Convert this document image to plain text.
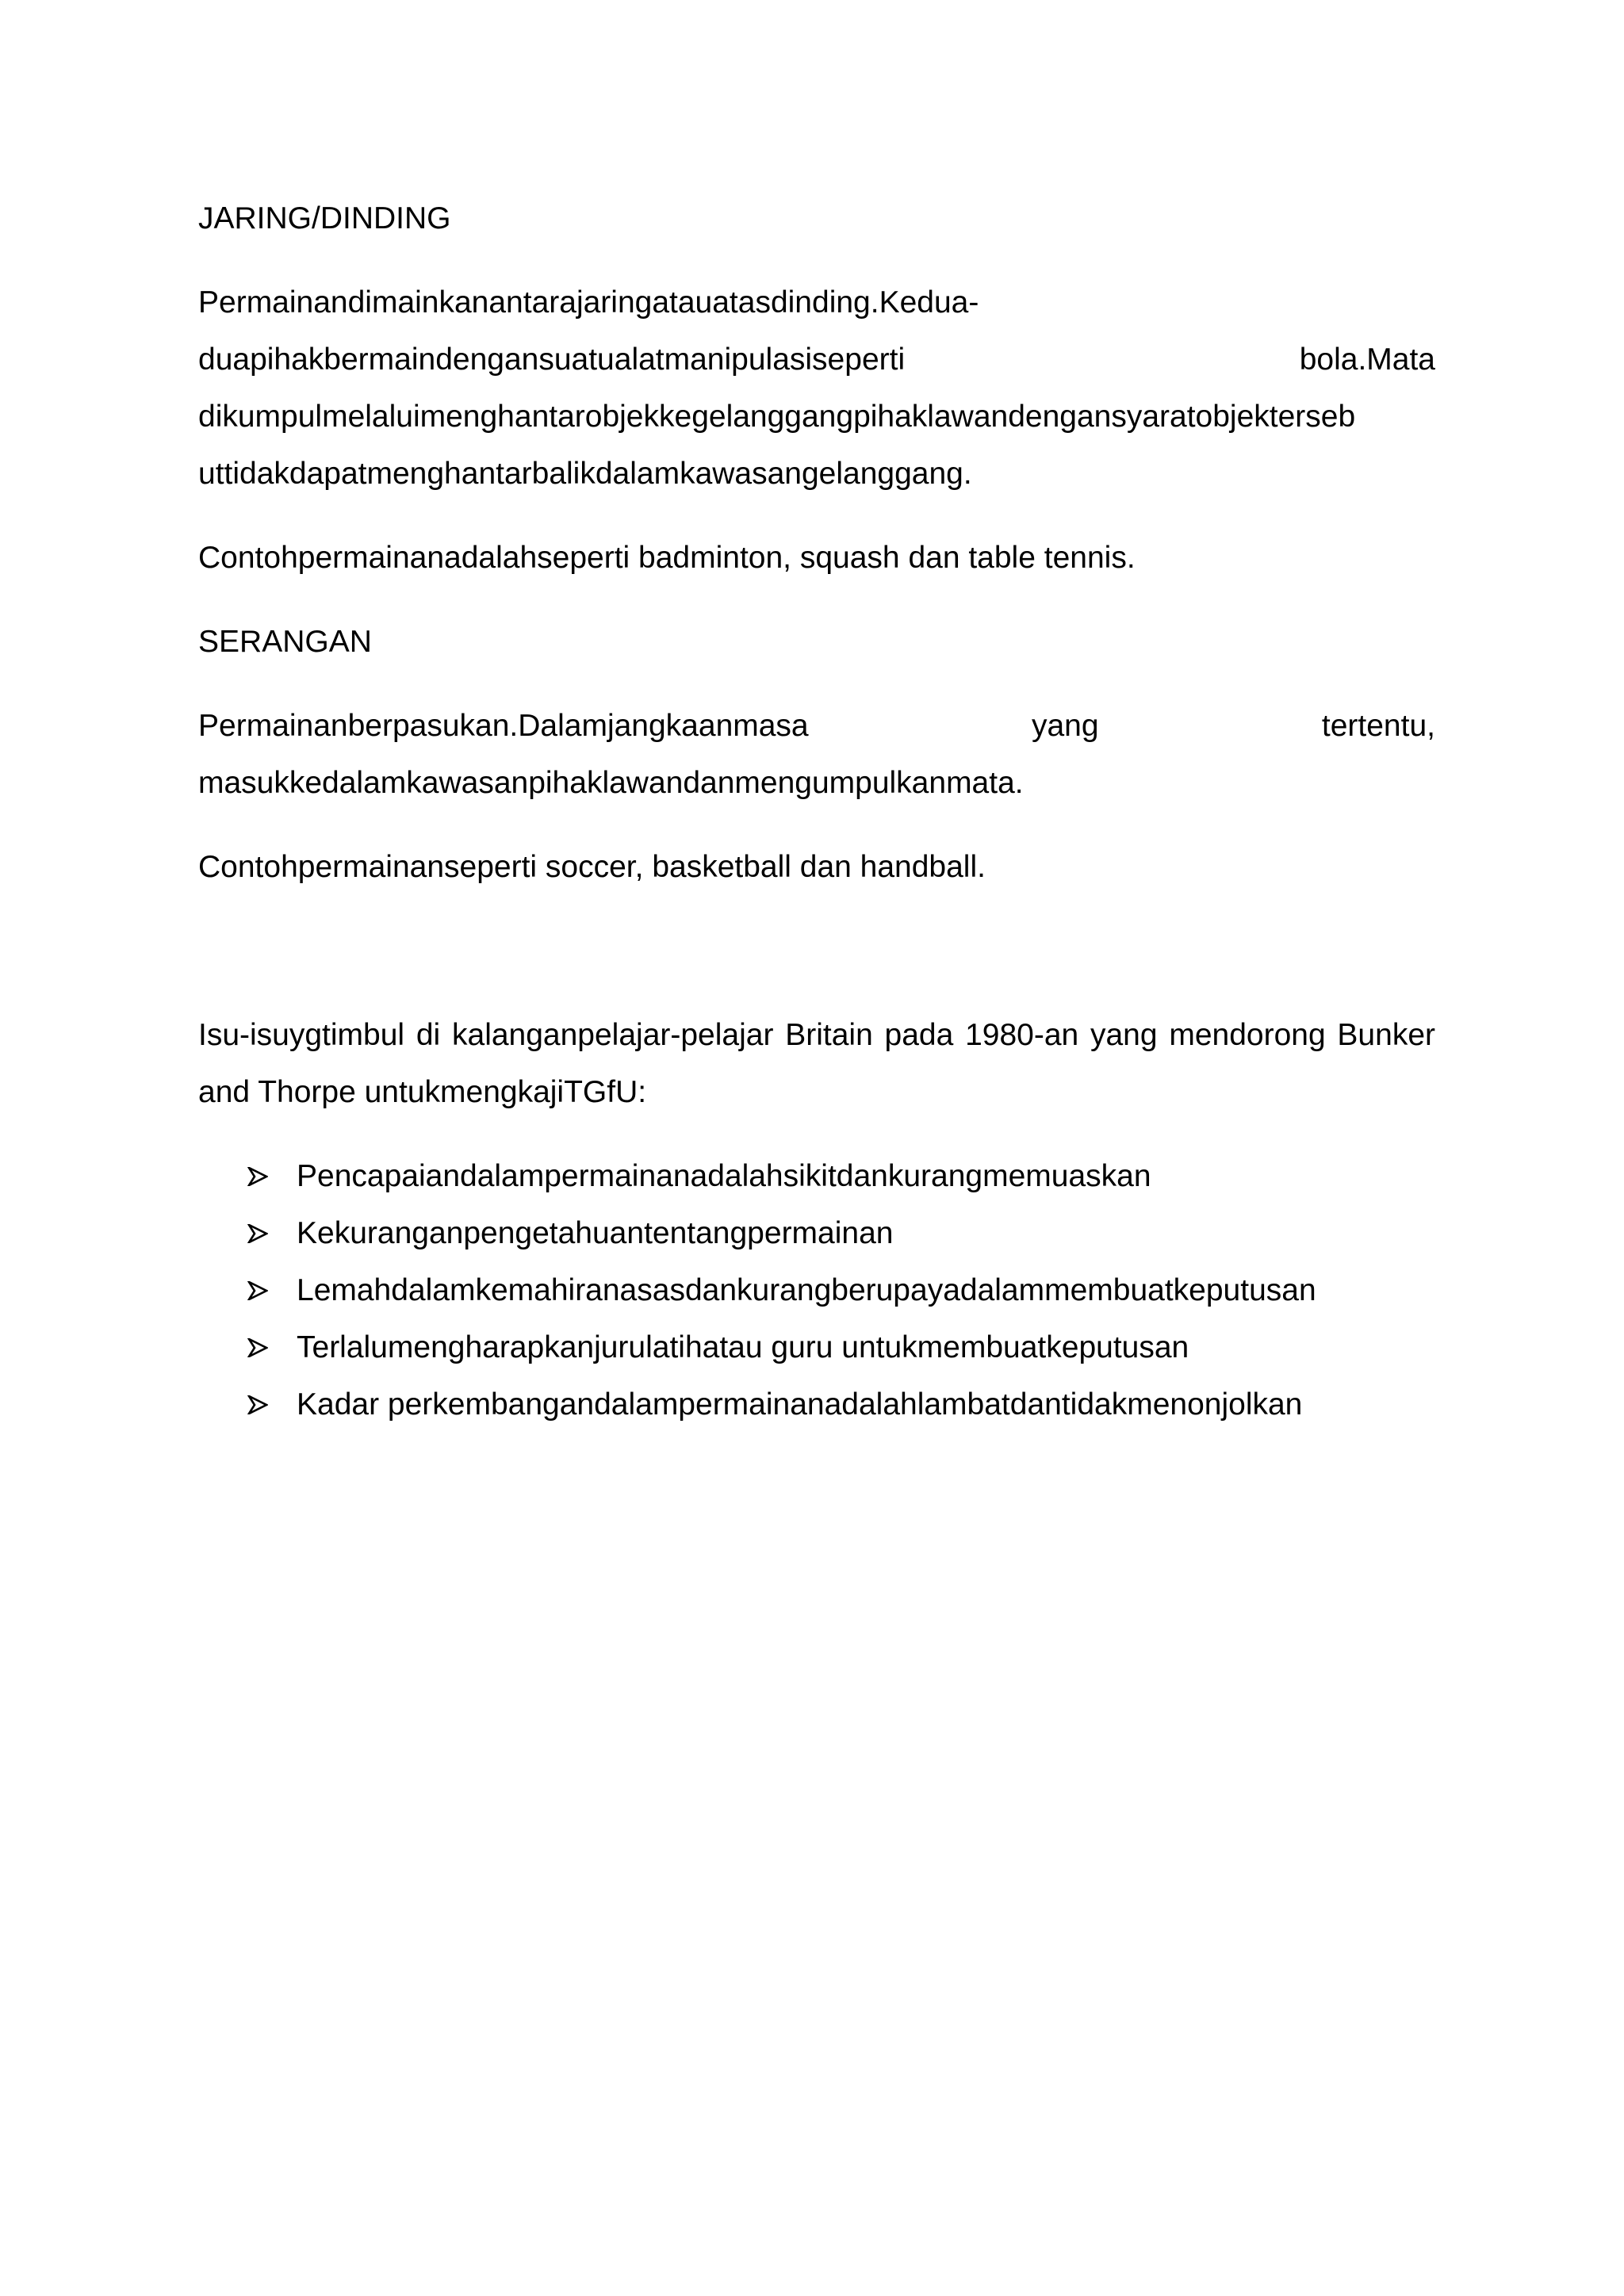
JARING/DINDING
Permainandimainkanantarajaringatauatasdinding.Kedua-
duapihakbermaindengansuatualatmanipulasiseperti	bola.Mata
dikumpulmelaluimenghantarobjekkegelanggangpihaklawandengansyaratobjekterseb
uttidakdapatmenghantarbalikdalamkawasangelanggang.
Contohpermainanadalahseperti badminton, squash dan table tennis.
SERANGAN
Permainanberpasukan.Dalamjangkaanmasa	yang	tertentu,
masukkedalamkawasanpihaklawandanmengumpulkanmata.
Contohpermainanseperti soccer, basketball dan handball.
Isu-isuygtimbul di kalanganpelajar-pelajar Britain pada 1980-an yang mendorong Bunker and Thorpe untukmengkajiTGfU:
Pencapaiandalampermainanadalahsikitdankurangmemuaskan
Kekuranganpengetahuantentangpermainan
Lemahdalamkemahiranasasdankurangberupayadalammembuatkeputusan
Terlalumengharapkanjurulatihatau guru untukmembuatkeputusan
Kadar perkembangandalampermainanadalahlambatdantidakmenonjolkan
